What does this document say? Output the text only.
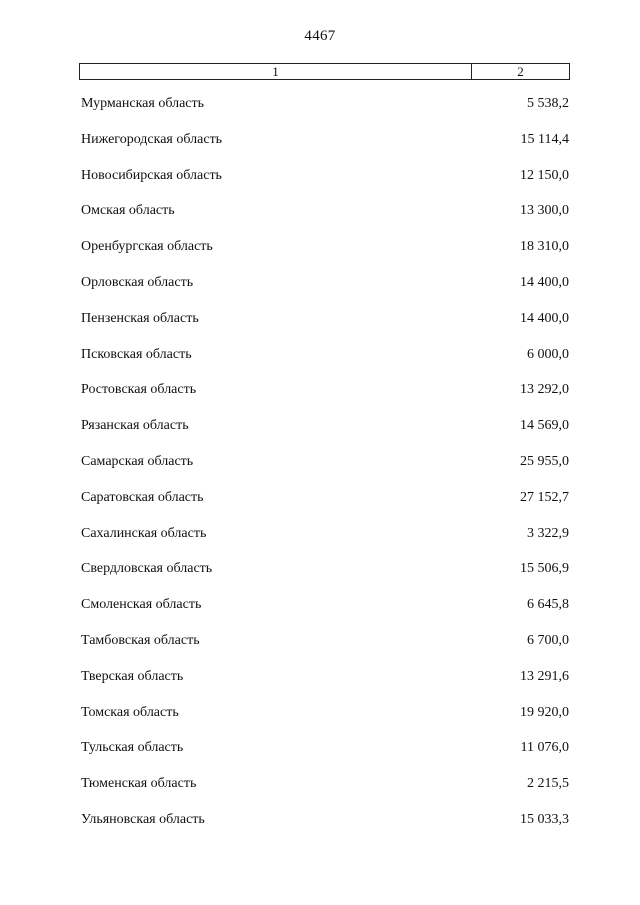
4467
1	2
Мурманская область	5 538,2
Нижегородская область	15 114,4
Новосибирская область	12 150,0
Омская область	13 300,0
Оренбургская область	18 310,0
Орловская область	14 400,0
Пензенская область	14 400,0
Псковская область	6 000,0
Ростовская область	13 292,0
Рязанская область	14 569,0
Самарская область	25 955,0
Саратовская область	27 152,7
Сахалинская область	3 322,9
Свердловская область	15 506,9
Смоленская область	6 645,8
Тамбовская область	6 700,0
Тверская область	13 291,6
Томская область	19 920,0
Тульская область	11 076,0
Тюменская область	2 215,5
Ульяновская область	15 033,3
